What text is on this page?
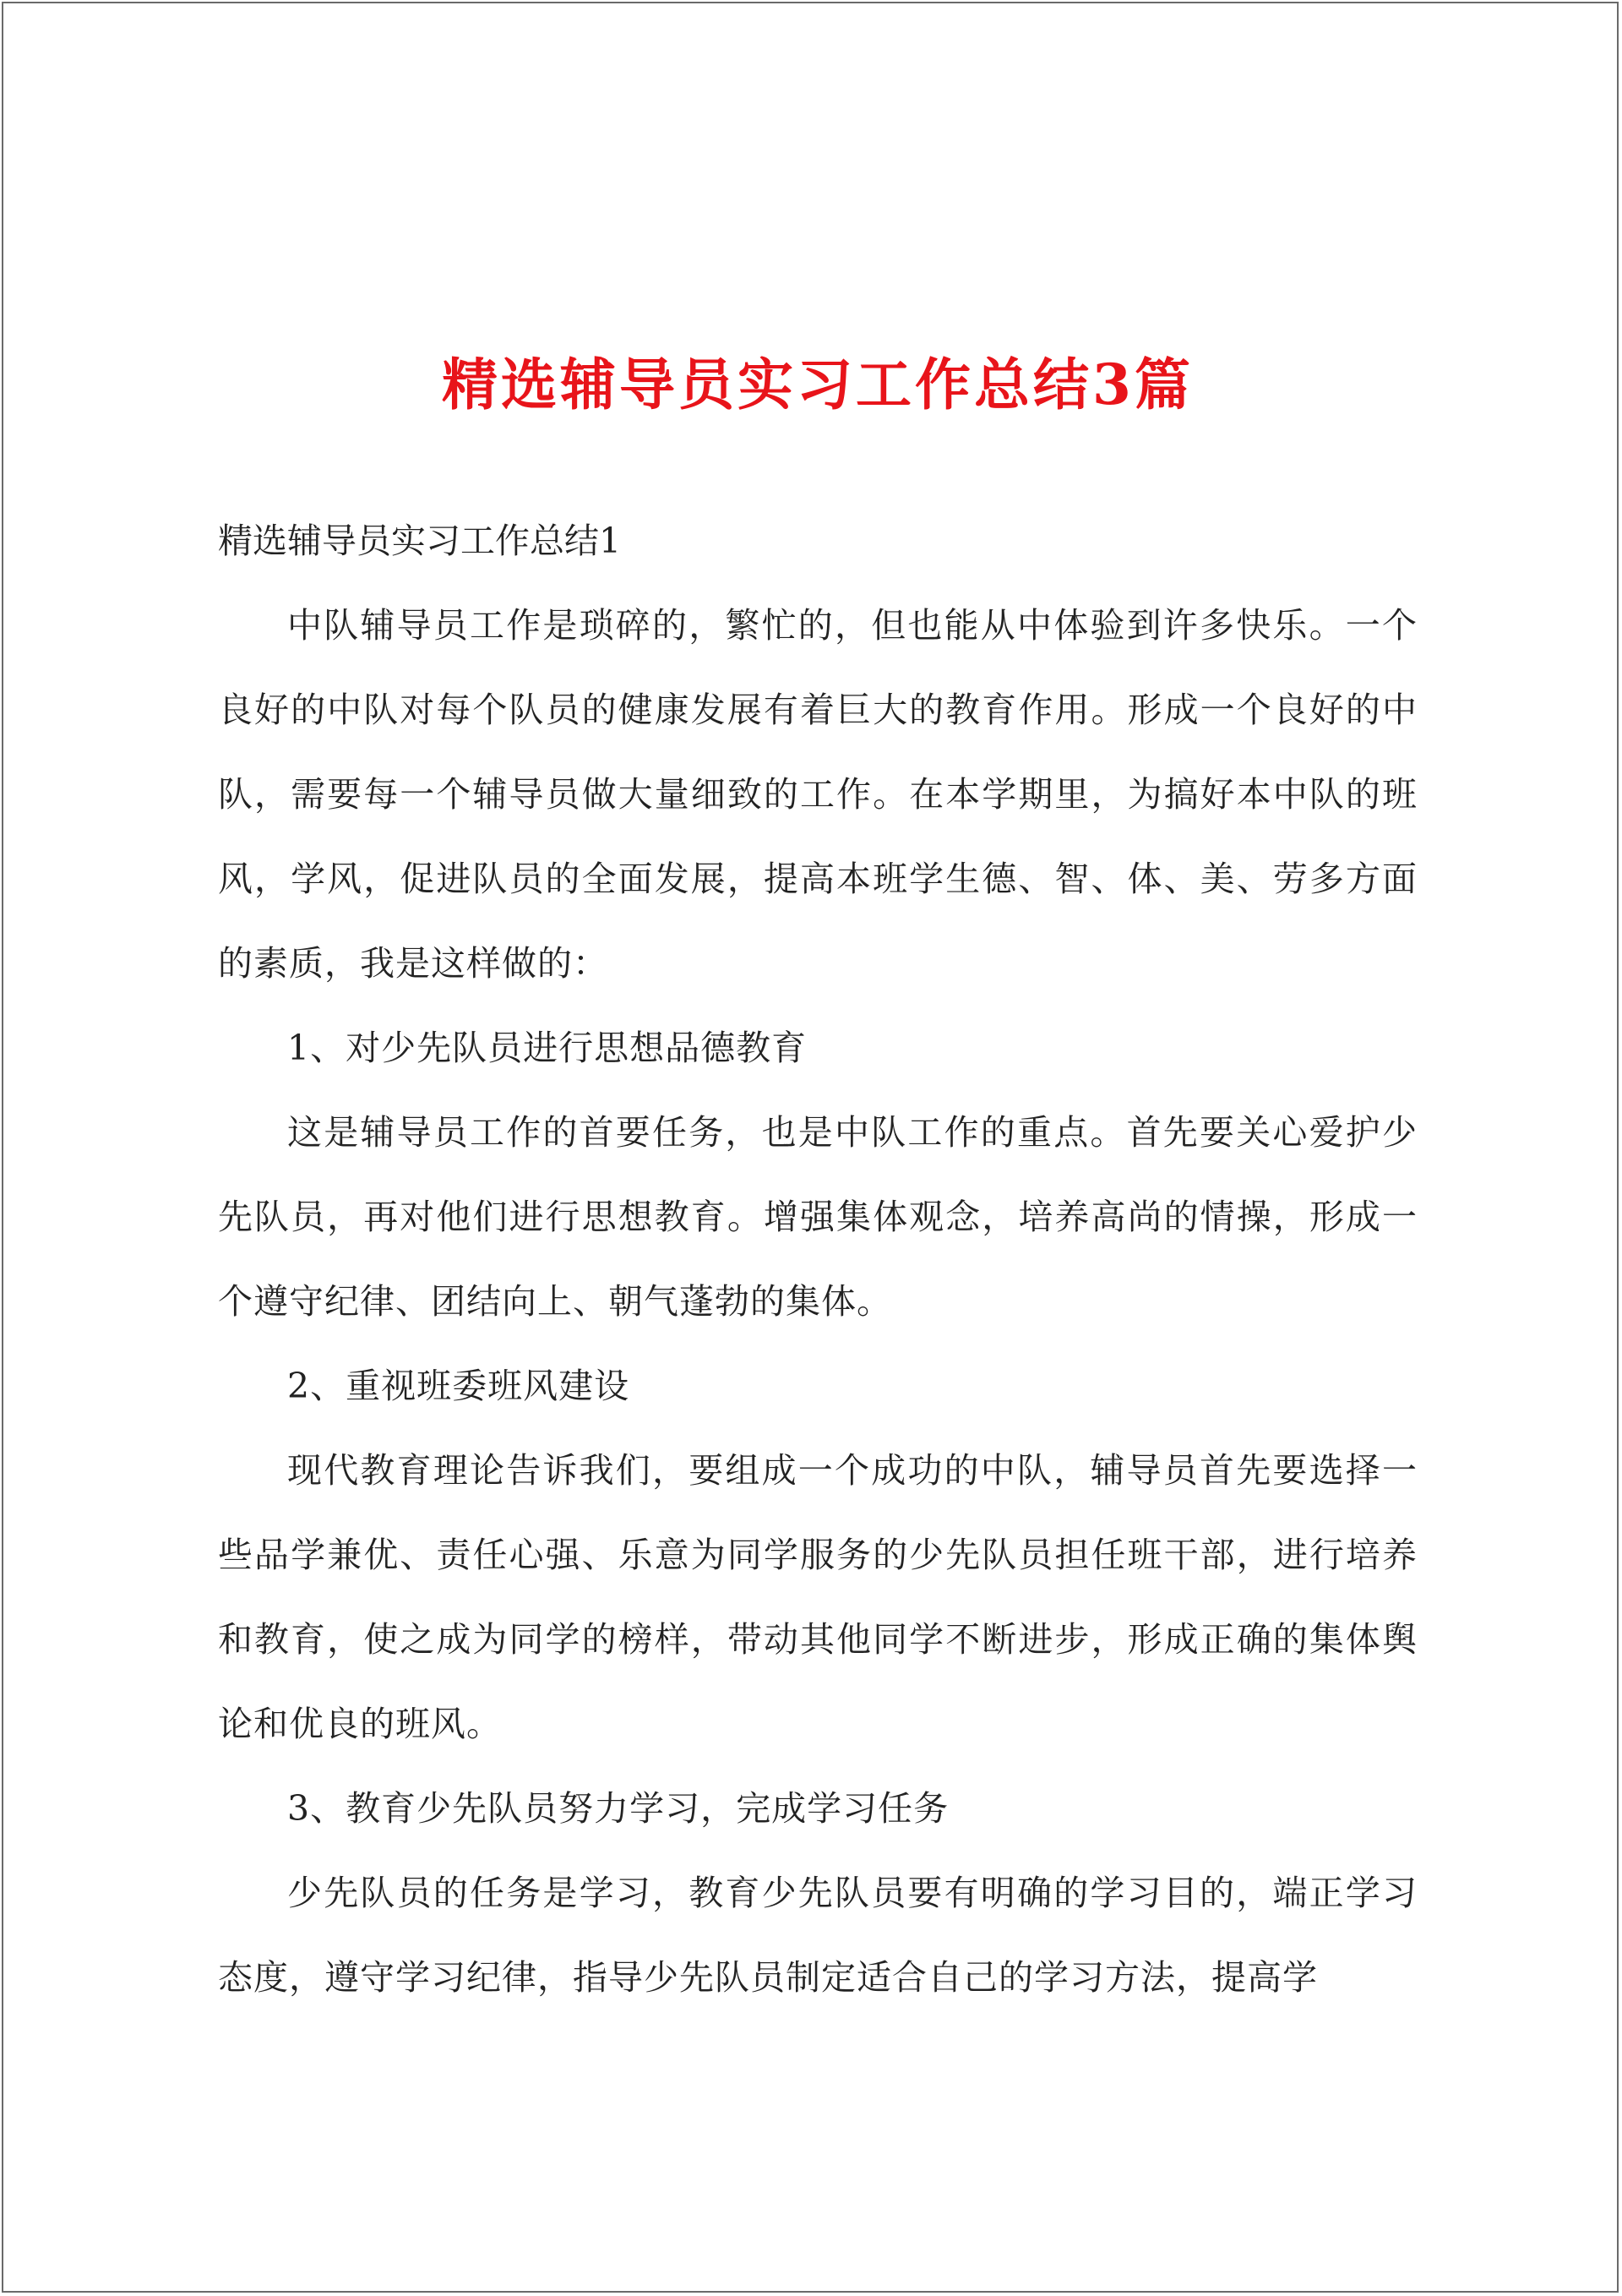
精选辅导员实习工作总结3篇
精选辅导员实习工作总结1

中队辅导员工作是琐碎的，繁忙的，但也能从中体验到许多快乐。一个良好的中队对每个队员的健康发展有着巨大的教育作用。形成一个良好的中队，需要每一个辅导员做大量细致的工作。在本学期里，为搞好本中队的班风，学风，促进队员的全面发展，提高本班学生德、智、体、美、劳多方面的素质，我是这样做的：

1、对少先队员进行思想品德教育

这是辅导员工作的首要任务，也是中队工作的重点。首先要关心爱护少先队员，再对他们进行思想教育。增强集体观念，培养高尚的情操，形成一个遵守纪律、团结向上、朝气蓬勃的集体。

2、重视班委班风建设

现代教育理论告诉我们，要组成一个成功的中队，辅导员首先要选择一些品学兼优、责任心强、乐意为同学服务的少先队员担任班干部，进行培养和教育，使之成为同学的榜样，带动其他同学不断进步，形成正确的集体舆论和优良的班风。

3、教育少先队员努力学习，完成学习任务

少先队员的任务是学习，教育少先队员要有明确的学习目的，端正学习态度，遵守学习纪律，指导少先队员制定适合自己的学习方法，提高学
